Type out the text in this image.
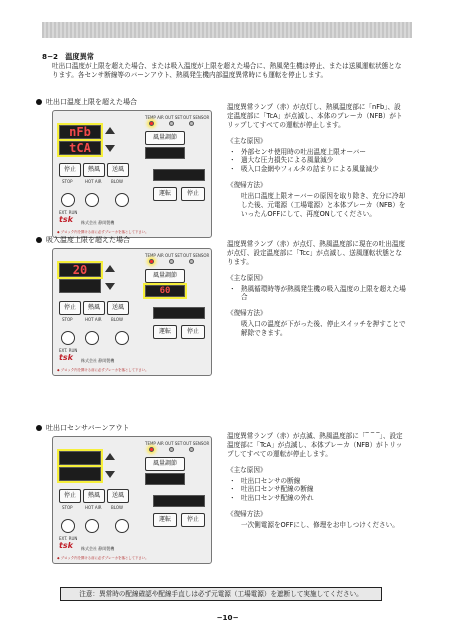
8−2　温度異常
吐出口温度が上限を超えた場合、または吸入温度が上限を超えた場合に、熱風発生機は停止、または送風運転状態となります。各センサ断線等のバーンアウト、熱風発生機内部温度異常時にも運転を停止します。
吐出口温度上限を超えた場合
nFb
tCA
TEMP AIR OUT SET OUT SENSOR
風量調節
停止	熱風	送風
STOP	HOT AIR BLOW
EXT. RUN
運転	停止
tsk 株式会社 静岡製機
◆ ブロック内を開ける前に必ずブレーカを落として下さい。

温度異常ランプ（赤）が点灯し、熱風温度部に「nFb」、設定温度部に「TcA」が点滅し、本体のブレーカ（NFB）がトリップしてすべての運転が停止します。

《主な原因》

・ 外部センサ使用時の吐出温度上限オーバー
・ 過大な圧力損失による風量減少
・ 吸入口金網やフィルタの詰まりによる風量減少

《復帰方法》

吐出口温度上限オーバーの原因を取り除き、充分に冷却した後、元電源（工場電源）と本体ブレーカ（NFB）をいったんOFFにして、再度ONしてください。

吸入温度上限を超えた場合
20
TEMP AIR OUT SET OUT SENSOR
風量調節
60
停止	熱風	送風
STOP	HOT AIR BLOW
EXT. RUN
運転	停止
tsk 株式会社 静岡製機
◆ ブロック内を開ける前に必ずブレーカを落として下さい。

温度異常ランプ（赤）が点灯、熱風温度部に現在の吐出温度が点灯、設定温度部に「Tcc」が点滅し、送風運転状態となります。

《主な原因》

・ 熱風循環時等が熱風発生機の吸入温度の上限を超えた場合

《復帰方法》

吸入口の温度が下がった後、停止スイッチを押すことで解除できます。

吐出口センサバーンアウト
TEMP AIR OUT SET OUT SENSOR
風量調節
停止	熱風	送風
STOP	HOT AIR BLOW
EXT. RUN
運転	停止
tsk 株式会社 静岡製機
◆ ブロック内を開ける前に必ずブレーカを落として下さい。

温度異常ランプ（赤）が点滅、熱風温度部に「‾ ‾ ‾」、設定温度部に「TcA」が点滅し、本体ブレーカ（NFB）がトリップしてすべての運転が停止します。

《主な原因》

・ 吐出口センサの断線
・ 吐出口センサ配線の断線
・ 吐出口センサ配線の外れ

《復帰方法》

一次側電源をOFFにし、修理をお申しつけください。

注意：異常時の配線確認や配線手直しは必ず元電源（工場電源）を遮断して実施してください。
−10−
